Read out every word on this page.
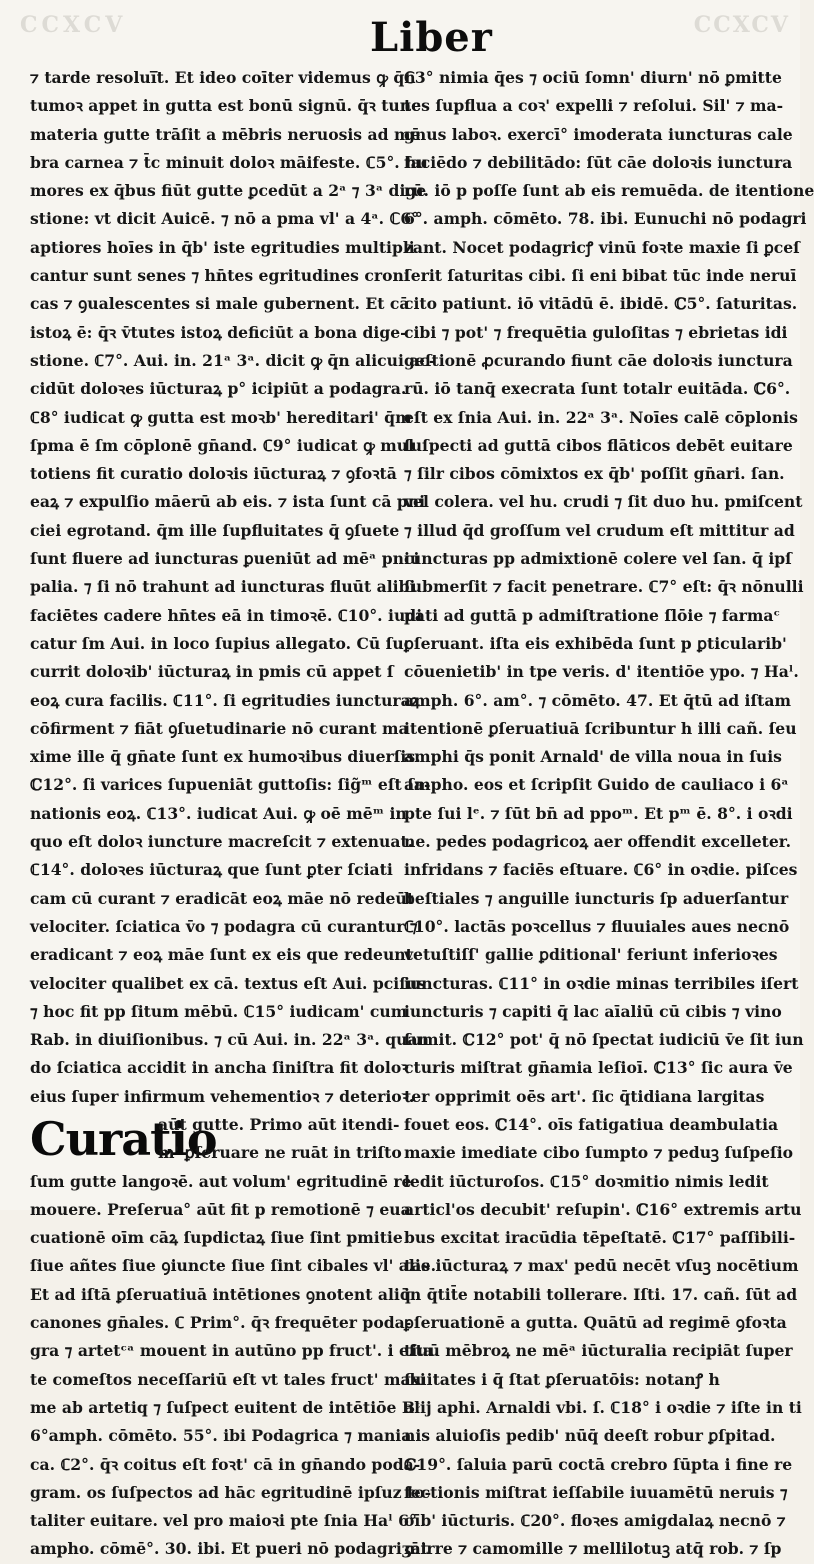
CCXCV	CCXCV
Liber
⁊ tarde resolui̅t. Et ideo coīter videmus ꝙ q̄n
tumoꝛ appet in gutta est bonū signū. q̄ꝛ tunc
materia gutte trāſit a mēbris neruosis ad mē
bra carnea ⁊ t̄c minuit doloꝛ māifeste. ℂ5°. hu
mores ex q̄bus fiūt gutte ꝑcedūt a 2ᵃ ⁊ 3ᵃ dige
stione: vt dicit Auicē. ⁊ nō a pma vl' a 4ᵃ. ℂ6°
aptiores hoīes in q̄b' iste egritudies multipli
cantur sunt senes ⁊ hn̄tes egritudines croni
cas ⁊ ꝯualescentes si male gubernent. Et cā
istoꝝ ē: q̄ꝛ v̄tutes istoꝝ deficiūt a bona dige-
stione. ℂ7°. Aui. in. 21ᵃ 3ᵃ. dicit ꝙ q̄n alicui ac-
cidūt doloꝛes iūcturaꝝ p° icipiūt a podagra.
ℂ8° iudicat ꝙ gutta est moꝛb' hereditari' q̄m
ſpma ē ſm cōplonē gn̄and. ℂ9° iudicat ꝙ mul
totiens fit curatio doloꝛis iūcturaꝝ ⁊ ꝯfoꝛtā
eaꝝ ⁊ expulſio māerū ab eis. ⁊ ista ſunt cā pni
ciei egrotand. q̄m ille ſupfluitates q̄ ꝯſuete
ſunt fluere ad iuncturas ꝑueniūt ad mēᵃ pnci
palia. ⁊ ſi nō trahunt ad iuncturas fluūt alibi
faciētes cadere hn̄tes eā in timoꝛē. ℂ10°. iudi
catur ſm Aui. in loco ſupius allegato. Cū ſuc
currit doloꝛib' iūcturaꝝ in pmis cū appet ſ
eoꝝ cura facilis. ℂ11°. ſi egritudies iuncturaꝝ
cōfirment ⁊ fiāt ꝯſuetudinarie nō curant ma
xime ille q̄ gn̄ate ſunt ex humoꝛibus diuerſis.
ℂ12°. ſi varices ſupueniāt guttoſis: ſig̃ᵐ eſt ſa-
nationis eoꝝ. ℂ13°. iudicat Aui. ꝙ oē mēᵐ in
quo eſt doloꝛ iuncture macreſcit ⁊ extenuat.
ℂ14°. doloꝛes iūcturaꝝ que ſunt ꝑter ſciati
cam cū curant ⁊ eradicāt eoꝝ māe nō redeūt
velociter. ſciatica v̄o ⁊ podagra cū curantur ⁊
eradicant ⁊ eoꝝ māe ſunt ex eis que redeunt
velociter qualibet ex cā. textus eſt Aui. pciſus
⁊ hoc fit pp ſitum mēbū. ℂ15° iudicam' cum
Rab. in diuiſionibus. ⁊ cū Aui. in. 22ᵃ 3ᵃ. quan
do ſciatica accidit in ancha ſiniſtra fit doloꝛ
eius ſuper infirmum vehementioꝛ ⁊ deterioꝛ.
Curatio
aūt gutte. Primo aūt itendi-
m' ꝑſeruare ne ruāt in triſto
ſum gutte langoꝛē. aut volum' egritudinē re
mouere. Preſerua° aūt fit p remotionē ⁊ eua
cuationē oīm cāꝝ ſupdictaꝝ ſiue ſint pmitie
ſiue añtes ſiue ꝯiuncte ſiue ſint cibales vl' alie.
Et ad iſtā ꝑſeruatiuā intētiones ꝯnotent aliq̄
canones gn̄ales. ℂ Prim°. q̄ꝛ frequēter poda-
gra ⁊ artetᶜᵃ mouent in autūno pp fruct'. i eſta
te comeſtos neceſſariū eſt vt tales fruct' maxi
me ab artetiq ⁊ ſuſpect euitent de intētiōe Bᵗ
6°amph. cōmēto. 55°. ibi Podagrica ⁊ mania
ca. ℂ2°. q̄ꝛ coitus eſt foꝛt' cā in gn̄ando poda-
gram. os ſuſpectos ad hāc egritudinē ipſuz to-
taliter euitare. vel pro maioꝛi pte ſnia Haˡ 6°
ampho. cōmē°. 30. ibi. Et pueri nō podagriʒāt
ℂ3° nimia q̄es ⁊ ociū ſomn' diurn' nō ꝑmitte
tes ſupflua a coꝛ' expelli ⁊ reſolui. Sil' ⁊ ma-
gnus laboꝛ. exercī° imoderata iuncturas cale
faciēdo ⁊ debilitādo: ſūt cāe doloꝛis iunctura
rū. iō p poſſe ſunt ab eis remuēda. de itentione
6°. amph. cōmēto. 78. ibi. Eunuchi nō podagri
zant. Nocet podagricꝭ vinū foꝛte maxie ſi ꝑceſ
ſerit ſaturitas cibi. ſi eni bibat tūc inde neruī
cito patiunt. iō vitādū ē. ibidē. ℂ5°. ſaturitas.
cibi ⁊ pot' ⁊ frequētia guloſitas ⁊ ebrietas idi
geſtionē ꝓcurando fiunt cāe doloꝛis iunctura
rū. iō tanq̄ execrata ſunt totalr euitāda. ℂ6°.
eſt ex ſnia Aui. in. 22ᵃ 3ᵃ. Noīes calē cōplonis
ſuſpecti ad guttā cibos flāticos debēt euitare
⁊ ſilr cibos cōmixtos ex q̄b' poſſit gn̄ari. ſan.
vel colera. vel hu. crudi ⁊ ſit duo hu. pmiſcent
⁊ illud q̄d groſſum vel crudum eſt mittitur ad
iuncturas pp admixtionē colere vel ſan. q̄ ipſ
ſubmerſit ⁊ facit penetrare. ℂ7° eſt: q̄ꝛ nōnulli
pati ad guttā p admiſtratione ſlōie ⁊ farmaᶜ
ꝑſeruant. iſta eis exhibēda ſunt p ꝑticularib'
cōuenietib' in tpe veris. d' itentiōe ypo. ⁊ Haˡ.
amph. 6°. am°. ⁊ cōmēto. 47. Et q̄tū ad iſtam
itentionē ꝑſeruatiuā ſcribuntur h illi cañ. ſeu
amphi q̄s ponit Arnald' de villa noua in ſuis
ampho. eos et ſcripſit Guido de cauliaco i 6ᵃ
pte ſui lᵉ. ⁊ ſūt bn̄ ad ppoᵐ. Et pᵐ ē. 8°. i oꝛdi
ne. pedes podagricoꝝ aer offendit excelleter.
infridans ⁊ faciēs eſtuare. ℂ6° in oꝛdie. piſces
beſtiales ⁊ anguille iuncturis ſp aduerſantur
ℂ10°. lactās poꝛcellus ⁊ fluuiales aues necnō
vetuſtiſſ' gallie ꝑditional' feriunt inferioꝛes
iuncturas. ℂ11° in oꝛdie minas terribiles iſert
iuncturis ⁊ capiti q̄ lac aīaliū cū cibis ⁊ vino
ſumit. ℂ12° pot' q̄ nō ſpectat iudiciū v̄e ſit iun
cturis miſtrat gn̄amia leſioī. ℂ13° ſic aura v̄e
ter opprimit oēs art'. ſic q̄tidiana largitas
fouet eos. ℂ14°. oīs fatigatiua deambulatia
maxie imediate cibo ſumpto ⁊ peduꝫ ſuſpeſio
ledit iūcturoſos. ℂ15° doꝛmitio nimis ledit
articl'os decubit' reſupin'. ℂ16° extremis artu
bus excitat iracūdia tēpeſtatē. ℂ17° paſſibili-
tas iūcturaꝝ ⁊ max' pedū necēt vſuꝫ nocētium
in q̄tit̄e notabili tollerare. Iſti. 17. cañ. ſūt ad
ꝑſeruationē a gutta. Quātū ad regimē ꝯfoꝛta
tiuū mēbroꝝ ne mēᵃ iūcturalia recipiāt ſuper
fluitates i q̄ ſtat ꝑſeruatōis: notanꝭ h
alij aphi. Arnaldi vbi. ſ. ℂ18° i oꝛdie ⁊ iſte in ti
nis aluioſis pedib' nūq̄ deeſt robur ꝑſpitad.
ℂ19°. ſaluia parū coctā crebro ſūpta i fine re
fectionis miſtrat ieſſabile iuuamētū neruis ⁊
oīb' iūcturis. ℂ20°. floꝛes amigdalaꝝ necnō ⁊
mirre ⁊ camomille ⁊ mellilotuꝫ atq̄ rob. ⁊ ſp
